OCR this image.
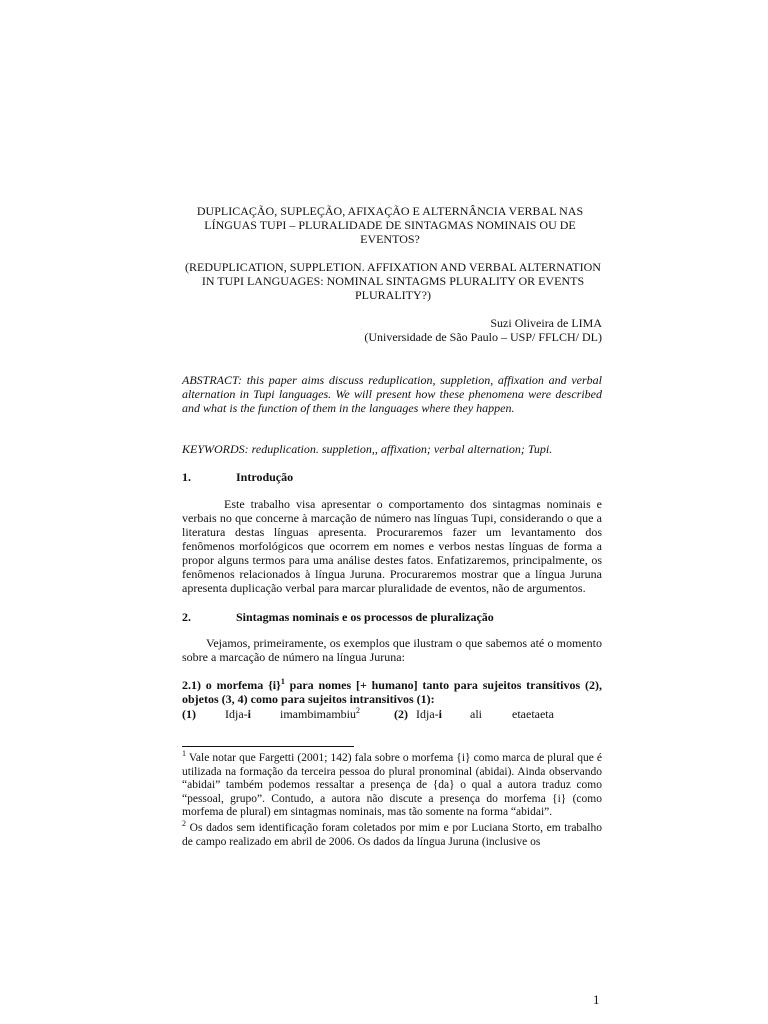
DUPLICAÇÃO, SUPLEÇÃO, AFIXAÇÃO E ALTERNÂNCIA VERBAL NAS
LÍNGUAS TUPI – PLURALIDADE DE SINTAGMAS NOMINAIS OU DE
EVENTOS?
(REDUPLICATION, SUPPLETION. AFFIXATION AND VERBAL ALTERNATION
IN TUPI LANGUAGES: NOMINAL SINTAGMS PLURALITY OR EVENTS
PLURALITY?)
Suzi Oliveira de LIMA
(Universidade de São Paulo – USP/ FFLCH/ DL)
ABSTRACT: this paper aims discuss reduplication, suppletion, affixation and verbal alternation in Tupi languages. We will present how these phenomena were described and what is the function of them in the languages where they happen.
KEYWORDS: reduplication. suppletion,, affixation; verbal alternation; Tupi.
1.	Introdução
Este trabalho visa apresentar o comportamento dos sintagmas nominais e verbais no que concerne à marcação de número nas línguas Tupi, considerando o que a literatura destas línguas apresenta. Procuraremos fazer um levantamento dos fenômenos morfológicos que ocorrem em nomes e verbos nestas línguas de forma a propor alguns termos para uma análise destes fatos. Enfatizaremos, principalmente, os fenômenos relacionados à língua Juruna. Procuraremos mostrar que a língua Juruna apresenta duplicação verbal para marcar pluralidade de eventos, não de argumentos.
2.	Sintagmas nominais e os processos de pluralização
Vejamos, primeiramente, os exemplos que ilustram o que sabemos até o momento sobre a marcação de número na língua Juruna:
2.1) o morfema $\{i\}^1$ para nomes [+ humano] tanto para sujeitos transitivos (2), objetos (3, 4) como para sujeitos intransitivos (1):
(1) Idja-i imambimambiu$^2$	(2) Idja-i ali	etaetaeta
$^1$ Vale notar que Fargetti (2001; 142) fala sobre o morfema {i} como marca de plural que é utilizada na formação da terceira pessoa do plural pronominal (abidai). Ainda observando “abidai” também podemos ressaltar a presença de {da} o qual a autora traduz como “pessoal, grupo”. Contudo, a autora não discute a presença do morfema {i} (como morfema de plural) em sintagmas nominais, mas tão somente na forma “abidai”.
$^2$ Os dados sem identificação foram coletados por mim e por Luciana Storto, em trabalho de campo realizado em abril de 2006. Os dados da língua Juruna (inclusive os
1
